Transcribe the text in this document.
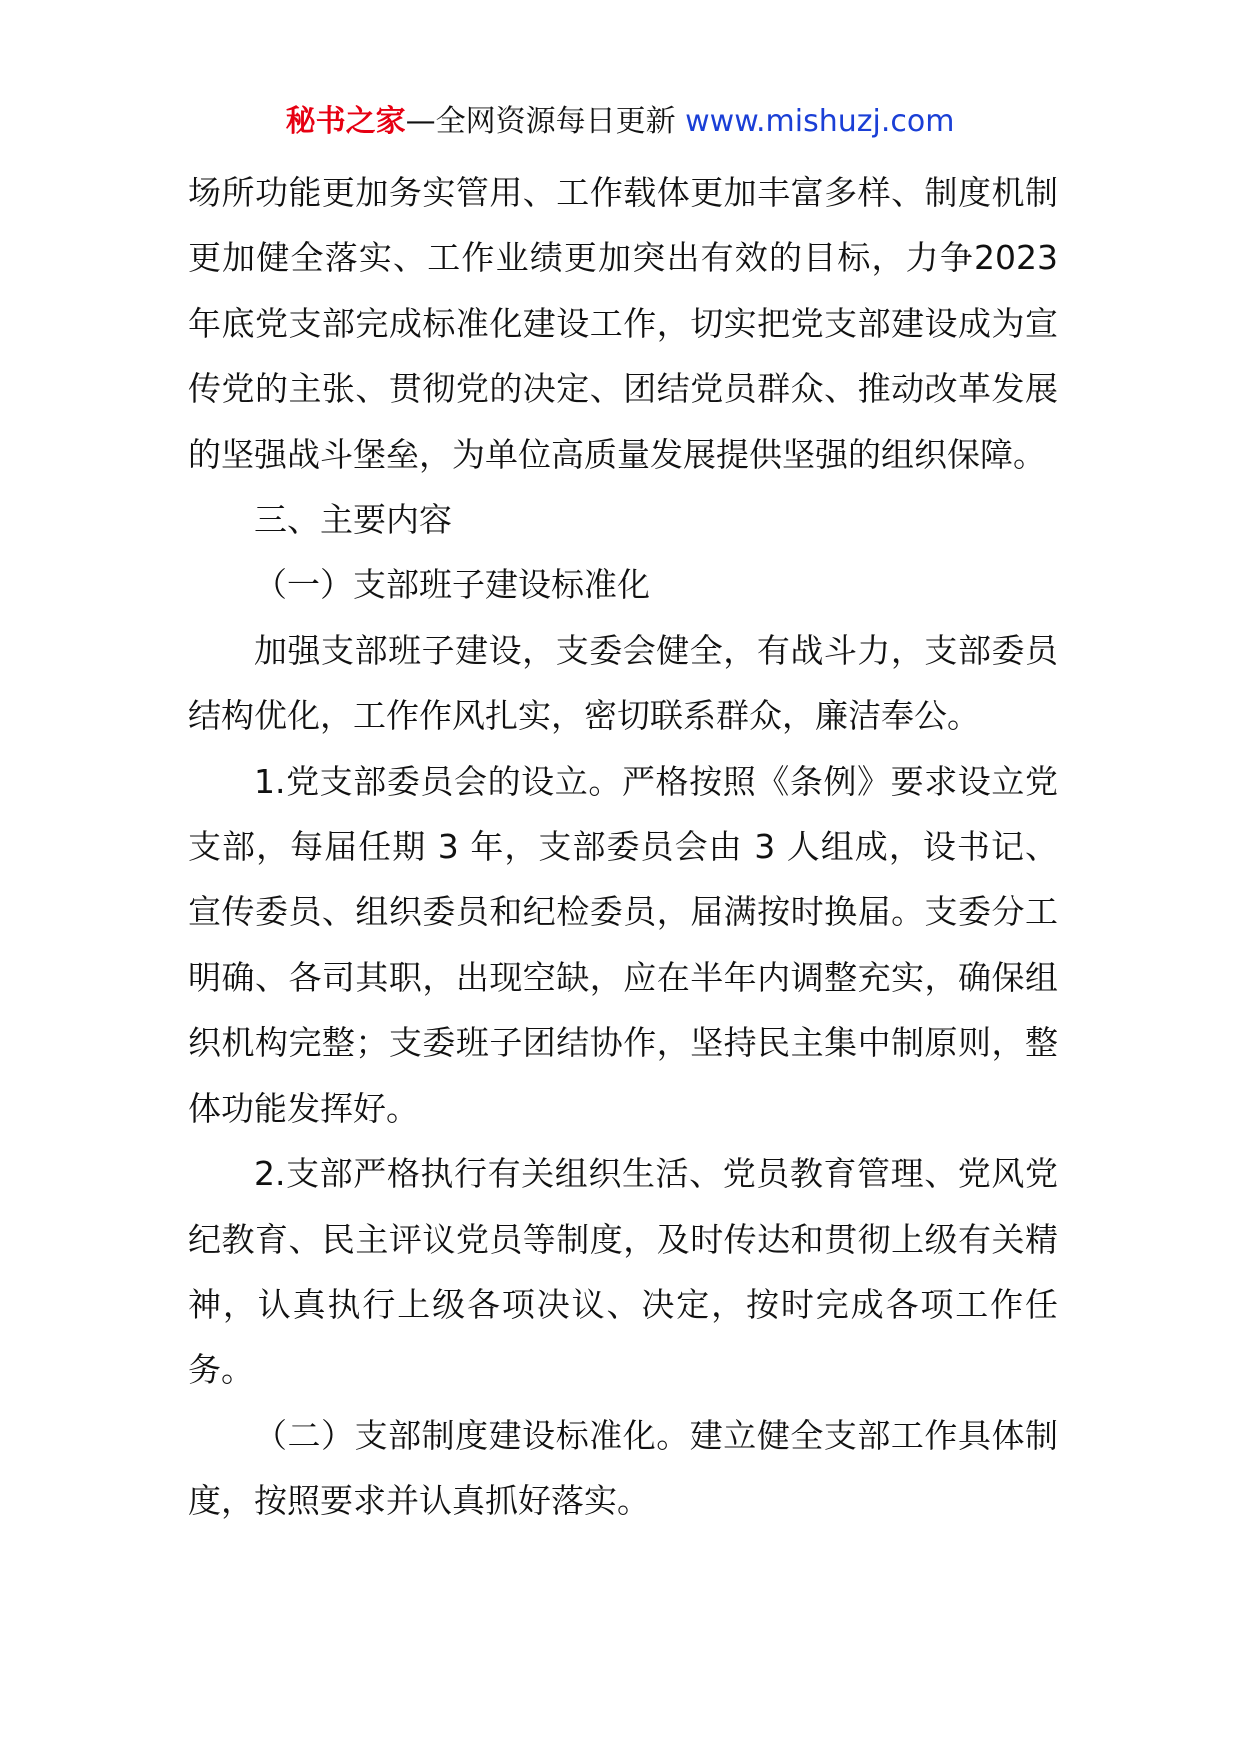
秘书之家—全网资源每日更新 www.mishuzj.com

场所功能更加务实管用、工作载体更加丰富多样、制度机制更加健全落实、工作业绩更加突出有效的目标，力争2023年底党支部完成标准化建设工作，切实把党支部建设成为宣传党的主张、贯彻党的决定、团结党员群众、推动改革发展的坚强战斗堡垒，为单位高质量发展提供坚强的组织保障。

三、主要内容

（一）支部班子建设标准化

加强支部班子建设，支委会健全，有战斗力，支部委员结构优化，工作作风扎实，密切联系群众，廉洁奉公。

1.党支部委员会的设立。严格按照《条例》要求设立党支部，每届任期 3 年，支部委员会由 3 人组成，设书记、宣传委员、组织委员和纪检委员，届满按时换届。支委分工明确、各司其职，出现空缺，应在半年内调整充实，确保组织机构完整；支委班子团结协作，坚持民主集中制原则，整体功能发挥好。

2.支部严格执行有关组织生活、党员教育管理、党风党纪教育、民主评议党员等制度，及时传达和贯彻上级有关精神，认真执行上级各项决议、决定，按时完成各项工作任务。

（二）支部制度建设标准化。建立健全支部工作具体制度，按照要求并认真抓好落实。
